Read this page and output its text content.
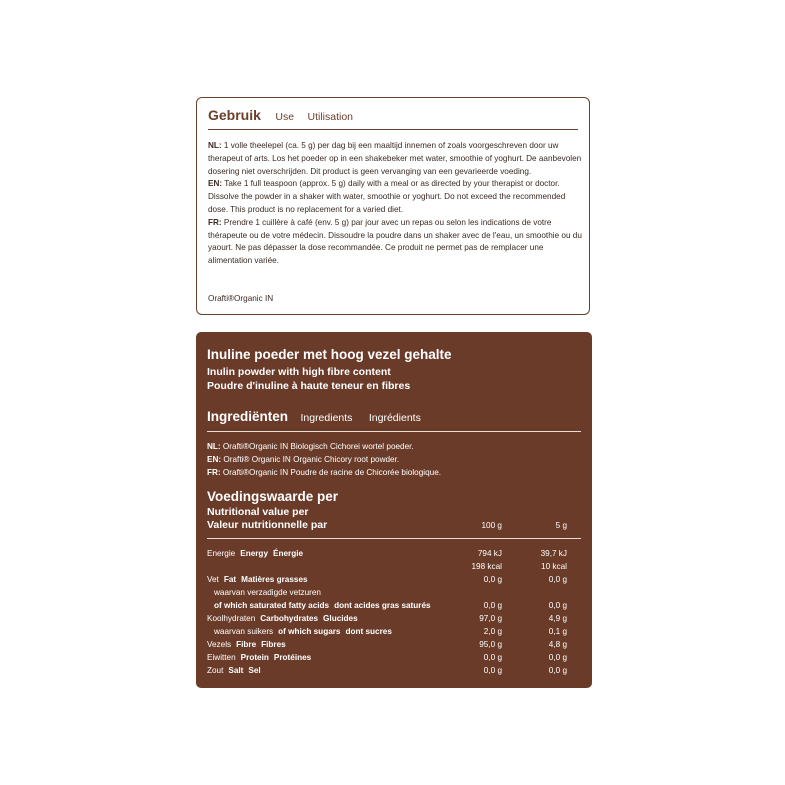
Gebruik Use Utilisation

NL: 1 volle theelepel (ca. 5 g) per dag bij een maaltijd innemen of zoals voorgeschreven door uw therapeut of arts. Los het poeder op in een shakebeker met water, smoothie of yoghurt. De aanbevolen dosering niet overschrijden. Dit product is geen vervanging van een gevarieerde voeding.

EN: Take 1 full teaspoon (approx. 5 g) daily with a meal or as directed by your therapist or doctor. Dissolve the powder in a shaker with water, smoothie or yoghurt. Do not exceed the recommended dose. This product is no replacement for a varied diet.

FR: Prendre 1 cuillère à café (env. 5 g) par jour avec un repas ou selon les indications de votre thérapeute ou de votre médecin. Dissoudre la poudre dans un shaker avec de l'eau, un smoothie ou du yaourt. Ne pas dépasser la dose recommandée. Ce produit ne permet pas de remplacer une alimentation variée.

Orafti®Organic IN
Inuline poeder met hoog vezel gehalte
Inulin powder with high fibre content
Poudre d'inuline à haute teneur en fibres
Ingrediënten Ingredients Ingrédients
NL: Orafti®Organic IN Biologisch Cichorei wortel poeder.
EN: Orafti® Organic IN Organic Chicory root powder.
FR: Orafti®Organic IN Poudre de racine de Chicorée biologique.
Voedingswaarde per
Nutritional value per
Valeur nutritionnelle par	100 g	5 g
Energie Energy Énergie	794 kJ	39,7 kJ
198 kcal	10 kcal
Vet Fat Matières grasses	0,0 g	0,0 g
waarvan verzadigde vetzuren
of which saturated fatty acids dont acides gras saturés	0,0 g	0,0 g
Koolhydraten Carbohydrates Glucides	97,0 g	4,9 g
waarvan suikers of which sugars dont sucres	2,0 g	0,1 g
Vezels Fibre Fibres	95,0 g	4,8 g
Eiwitten Protein Protéines	0,0 g	0,0 g
Zout Salt Sel	0,0 g	0,0 g
